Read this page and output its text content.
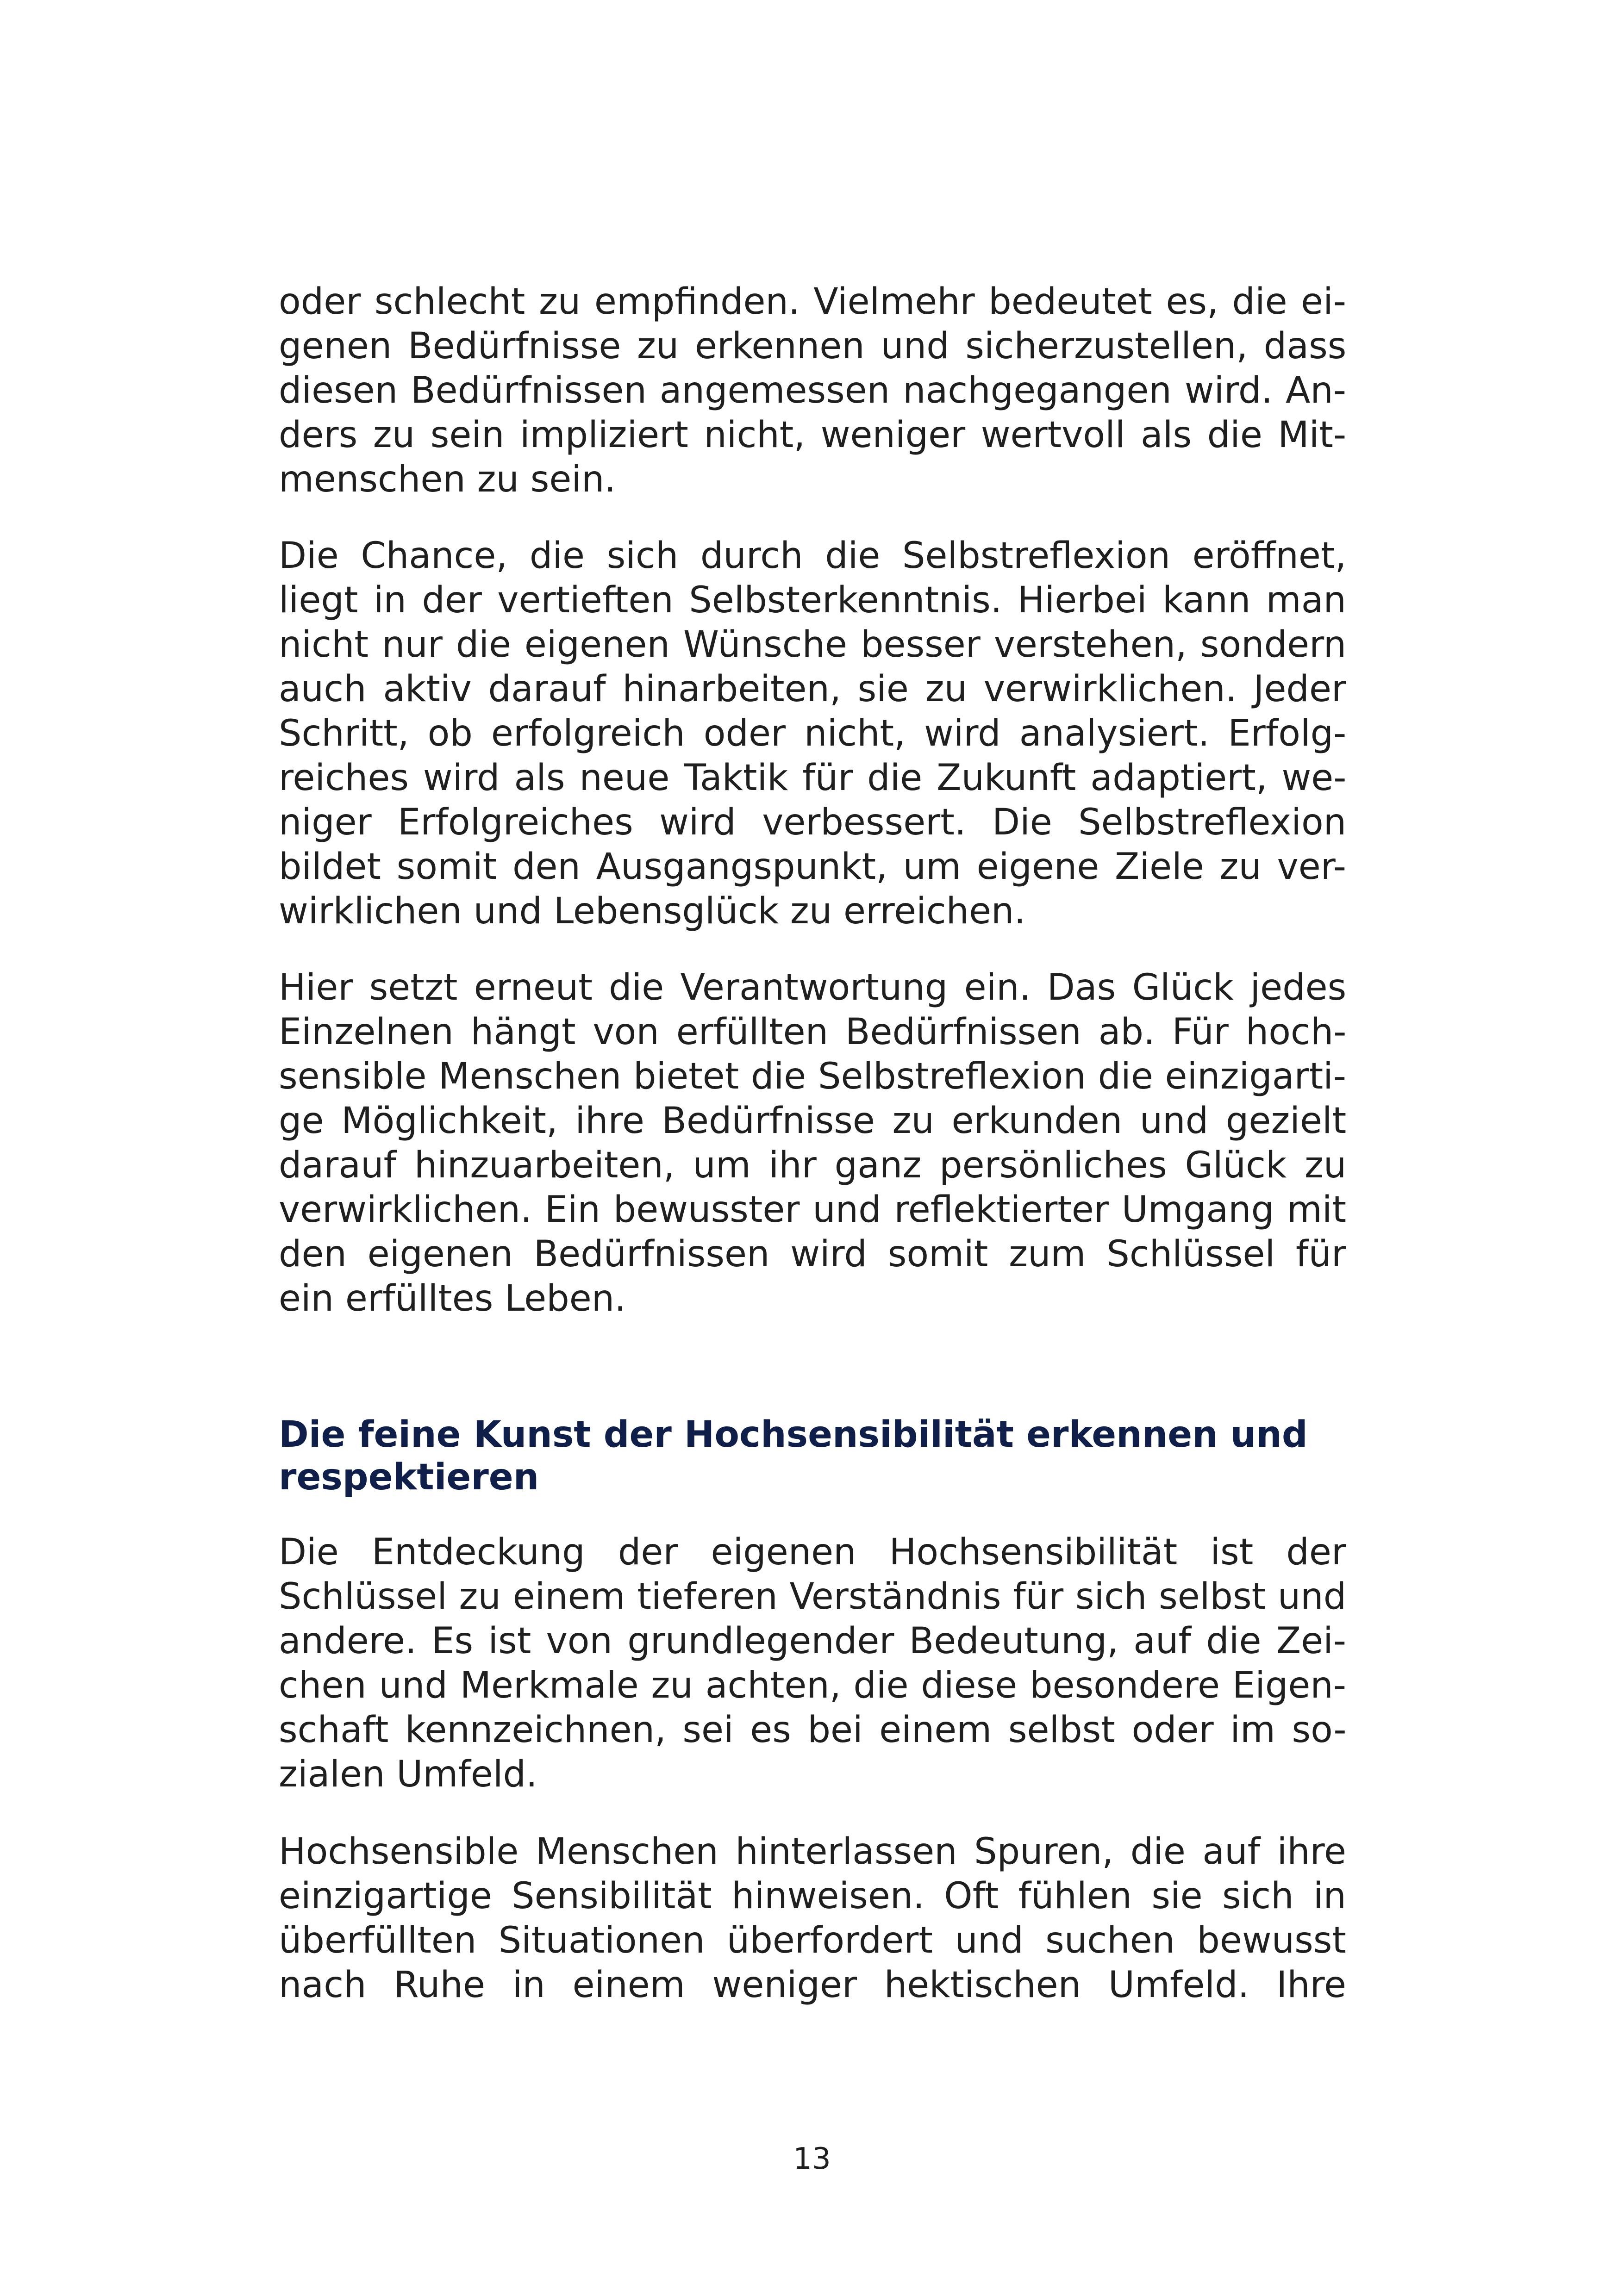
oder schlecht zu empfinden. Vielmehr bedeutet es, die ei-
genen Bedürfnisse zu erkennen und sicherzustellen, dass
diesen Bedürfnissen angemessen nachgegangen wird. An-
ders zu sein impliziert nicht, weniger wertvoll als die Mit-
menschen zu sein.
Die Chance, die sich durch die Selbstreflexion eröffnet,
liegt in der vertieften Selbsterkenntnis. Hierbei kann man
nicht nur die eigenen Wünsche besser verstehen, sondern
auch aktiv darauf hinarbeiten, sie zu verwirklichen. Jeder
Schritt, ob erfolgreich oder nicht, wird analysiert. Erfolg-
reiches wird als neue Taktik für die Zukunft adaptiert, we-
niger Erfolgreiches wird verbessert. Die Selbstreflexion
bildet somit den Ausgangspunkt, um eigene Ziele zu ver-
wirklichen und Lebensglück zu erreichen.
Hier setzt erneut die Verantwortung ein. Das Glück jedes
Einzelnen hängt von erfüllten Bedürfnissen ab. Für hoch-
sensible Menschen bietet die Selbstreflexion die einzigarti-
ge Möglichkeit, ihre Bedürfnisse zu erkunden und gezielt
darauf hinzuarbeiten, um ihr ganz persönliches Glück zu
verwirklichen. Ein bewusster und reflektierter Umgang mit
den eigenen Bedürfnissen wird somit zum Schlüssel für
ein erfülltes Leben.
Die feine Kunst der Hochsensibilität erkennen und
respektieren
Die Entdeckung der eigenen Hochsensibilität ist der
Schlüssel zu einem tieferen Verständnis für sich selbst und
andere. Es ist von grundlegender Bedeutung, auf die Zei-
chen und Merkmale zu achten, die diese besondere Eigen-
schaft kennzeichnen, sei es bei einem selbst oder im so-
zialen Umfeld.
Hochsensible Menschen hinterlassen Spuren, die auf ihre
einzigartige Sensibilität hinweisen. Oft fühlen sie sich in
überfüllten Situationen überfordert und suchen bewusst
nach Ruhe in einem weniger hektischen Umfeld. Ihre
13
